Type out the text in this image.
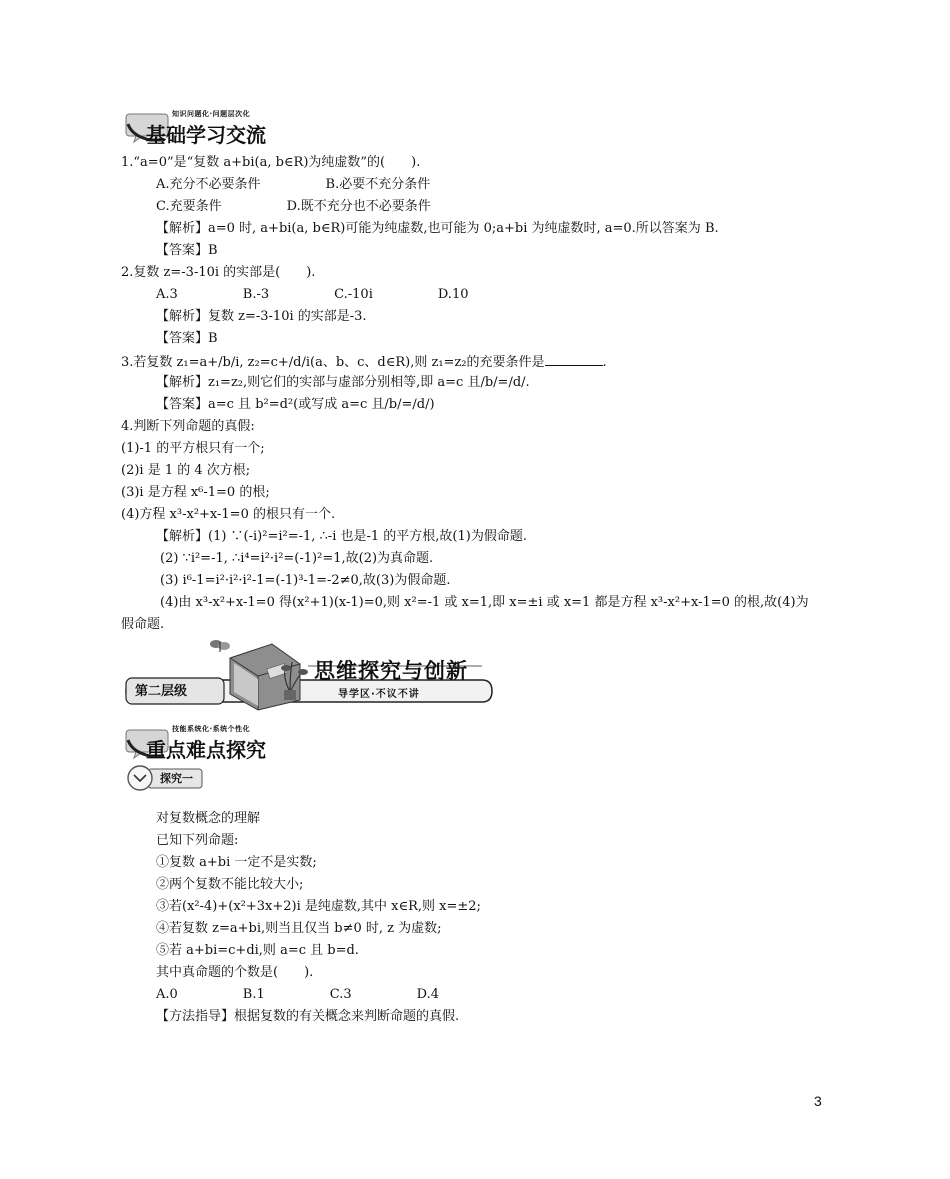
知识问题化·问题层次化
基础学习交流
1.“a=0”是“复数 a+bi(a, b∈R)为纯虚数”的(　　).
A.充分不必要条件　　　　　B.必要不充分条件
C.充要条件　　　　　D.既不充分也不必要条件
【解析】a=0 时, a+bi(a, b∈R)可能为纯虚数,也可能为 0;a+bi 为纯虚数时, a=0.所以答案为 B.
【答案】B
2.复数 z=-3-10i 的实部是(　　).
A.3　　　　　B.-3　　　　　C.-10i　　　　　D.10
【解析】复数 z=-3-10i 的实部是-3.
【答案】B
3.若复数 z₁=a+/b/i, z₂=c+/d/i(a、b、c、d∈R),则 z₁=z₂的充要条件是	.
【解析】z₁=z₂,则它们的实部与虚部分别相等,即 a=c 且/b/=/d/.
【答案】a=c 且 b²=d²(或写成 a=c 且/b/=/d/)
4.判断下列命题的真假:
(1)-1 的平方根只有一个;
(2)i 是 1 的 4 次方根;
(3)i 是方程 x⁶-1=0 的根;
(4)方程 x³-x²+x-1=0 的根只有一个.
【解析】(1) ∵(-i)²=i²=-1, ∴-i 也是-1 的平方根,故(1)为假命题.
(2) ∵i²=-1, ∴i⁴=i²·i²=(-1)²=1,故(2)为真命题.
(3) i⁶-1=i²·i²·i²-1=(-1)³-1=-2≠0,故(3)为假命题.
(4)由 x³-x²+x-1=0 得(x²+1)(x-1)=0,则 x²=-1 或 x=1,即 x=±i 或 x=1 都是方程 x³-x²+x-1=0 的根,故(4)为
假命题.
第二层级
思维探究与创新
导学区·不议不讲
技能系统化·系统个性化
重点难点探究
探究一
对复数概念的理解
已知下列命题:
①复数 a+bi 一定不是实数;
②两个复数不能比较大小;
③若(x²-4)+(x²+3x+2)i 是纯虚数,其中 x∈R,则 x=±2;
④若复数 z=a+bi,则当且仅当 b≠0 时, z 为虚数;
⑤若 a+bi=c+di,则 a=c 且 b=d.
其中真命题的个数是(　　).
A.0　　　　　B.1　　　　　C.3　　　　　D.4
【方法指导】根据复数的有关概念来判断命题的真假.
3
